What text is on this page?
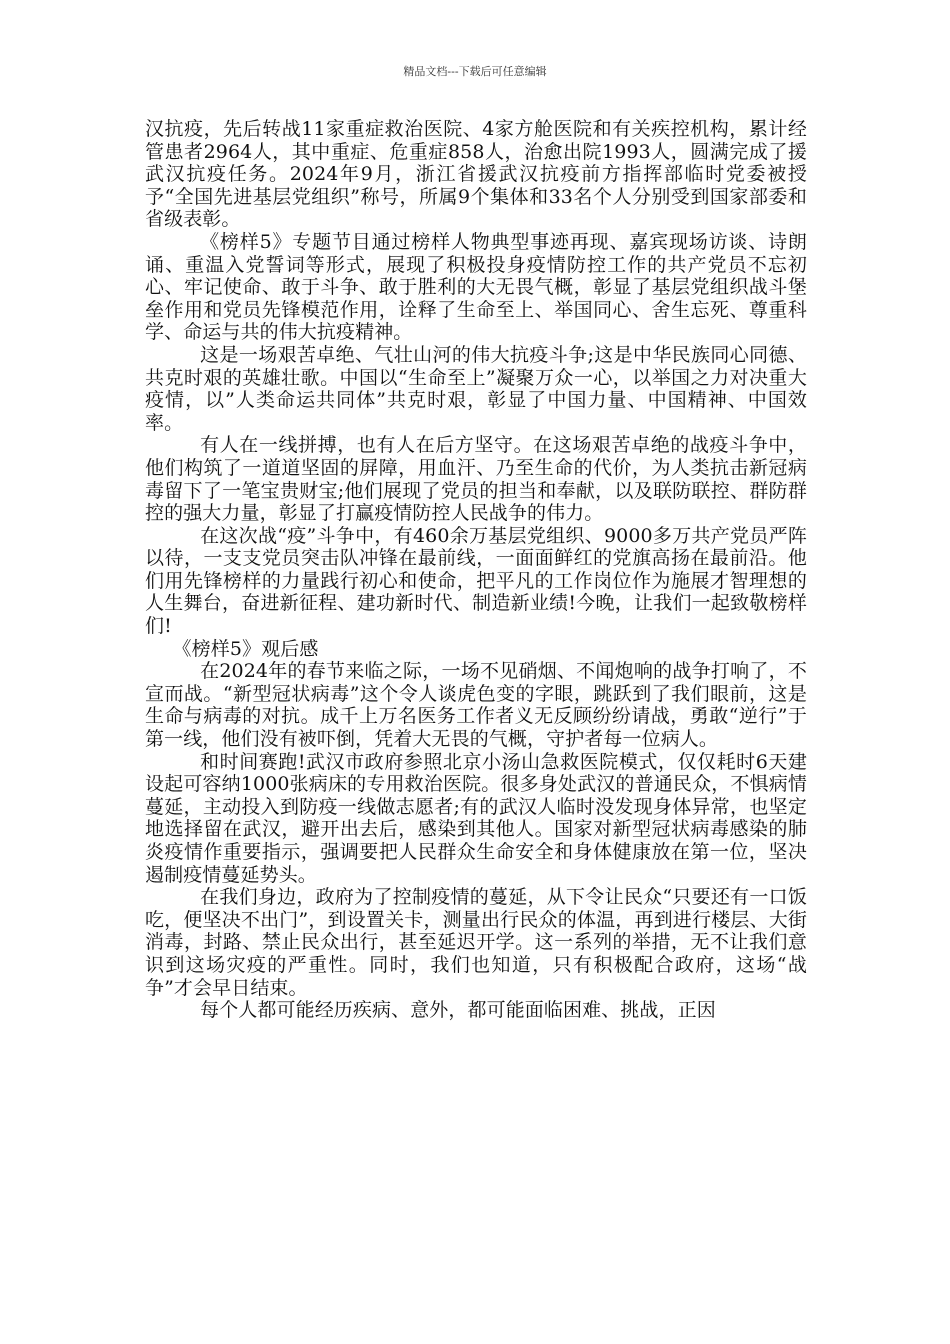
精品文档---下载后可任意编辑

汉抗疫，先后转战11家重症救治医院、4家方舱医院和有关疾控机构，累计经管患者2964人，其中重症、危重症858人，治愈出院1993人，圆满完成了援武汉抗疫任务。2024年9月，浙江省援武汉抗疫前方指挥部临时党委被授予“全国先进基层党组织”称号，所属9个集体和33名个人分别受到国家部委和省级表彰。

《榜样5》专题节目通过榜样人物典型事迹再现、嘉宾现场访谈、诗朗诵、重温入党誓词等形式，展现了积极投身疫情防控工作的共产党员不忘初心、牢记使命、敢于斗争、敢于胜利的大无畏气概，彰显了基层党组织战斗堡垒作用和党员先锋模范作用，诠释了生命至上、举国同心、舍生忘死、尊重科学、命运与共的伟大抗疫精神。

这是一场艰苦卓绝、气壮山河的伟大抗疫斗争;这是中华民族同心同德、共克时艰的英雄壮歌。中国以“生命至上”凝聚万众一心，以举国之力对决重大疫情，以”人类命运共同体”共克时艰，彰显了中国力量、中国精神、中国效率。

有人在一线拼搏，也有人在后方坚守。在这场艰苦卓绝的战疫斗争中，他们构筑了一道道坚固的屏障，用血汗、乃至生命的代价，为人类抗击新冠病毒留下了一笔宝贵财宝;他们展现了党员的担当和奉献，以及联防联控、群防群控的强大力量，彰显了打赢疫情防控人民战争的伟力。

在这次战“疫”斗争中，有460余万基层党组织、9000多万共产党员严阵以待，一支支党员突击队冲锋在最前线，一面面鲜红的党旗高扬在最前沿。他们用先锋榜样的力量践行初心和使命，把平凡的工作岗位作为施展才智理想的人生舞台，奋进新征程、建功新时代、制造新业绩!今晚，让我们一起致敬榜样们!

《榜样5》观后感

在2024年的春节来临之际，一场不见硝烟、不闻炮响的战争打响了，不宣而战。“新型冠状病毒”这个令人谈虎色变的字眼，跳跃到了我们眼前，这是生命与病毒的对抗。成千上万名医务工作者义无反顾纷纷请战，勇敢“逆行”于第一线，他们没有被吓倒，凭着大无畏的气概，守护者每一位病人。

和时间赛跑!武汉市政府参照北京小汤山急救医院模式，仅仅耗时6天建设起可容纳1000张病床的专用救治医院。很多身处武汉的普通民众，不惧病情蔓延，主动投入到防疫一线做志愿者;有的武汉人临时没发现身体异常，也坚定地选择留在武汉，避开出去后，感染到其他人。国家对新型冠状病毒感染的肺炎疫情作重要指示，强调要把人民群众生命安全和身体健康放在第一位，坚决遏制疫情蔓延势头。

在我们身边，政府为了控制疫情的蔓延，从下令让民众“只要还有一口饭吃，便坚决不出门”，到设置关卡，测量出行民众的体温，再到进行楼层、大街消毒，封路、禁止民众出行，甚至延迟开学。这一系列的举措，无不让我们意识到这场灾疫的严重性。同时，我们也知道，只有积极配合政府，这场“战争”才会早日结束。

每个人都可能经历疾病、意外，都可能面临困难、挑战，正因
